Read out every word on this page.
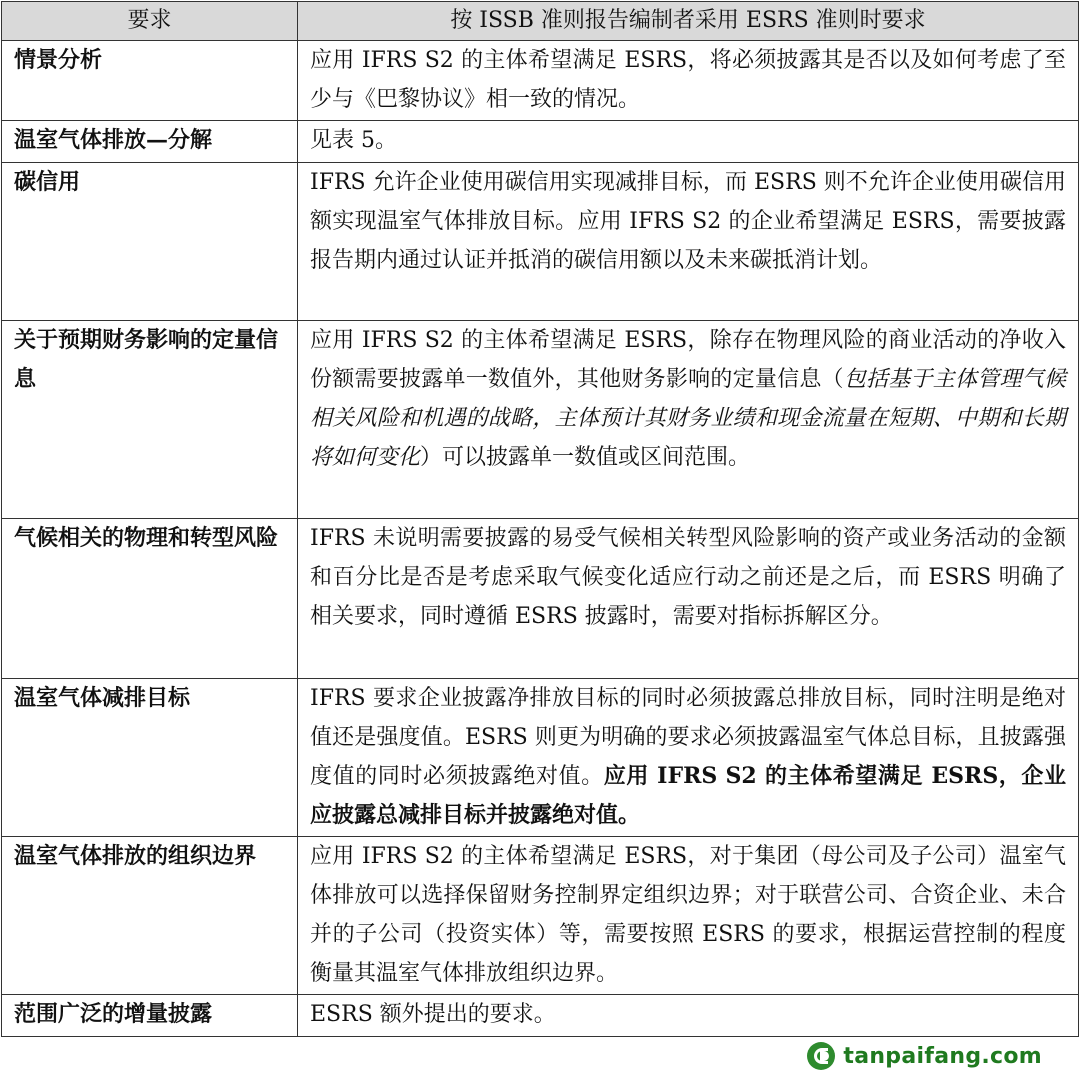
要求	按 ISSB 准则报告编制者采用 ESRS 准则时要求
情景分析	应用 IFRS S2 的主体希望满足 ESRS，将必须披露其是否以及如何考虑了至少与《巴黎协议》相一致的情况。
温室气体排放—分解	见表 5。
碳信用	IFRS 允许企业使用碳信用实现减排目标，而 ESRS 则不允许企业使用碳信用额实现温室气体排放目标。应用 IFRS S2 的企业希望满足 ESRS，需要披露报告期内通过认证并抵消的碳信用额以及未来碳抵消计划。
关于预期财务影响的定量信息	应用 IFRS S2 的主体希望满足 ESRS，除存在物理风险的商业活动的净收入份额需要披露单一数值外，其他财务影响的定量信息（包括基于主体管理气候相关风险和机遇的战略，主体预计其财务业绩和现金流量在短期、中期和长期将如何变化）可以披露单一数值或区间范围。
气候相关的物理和转型风险	IFRS 未说明需要披露的易受气候相关转型风险影响的资产或业务活动的金额和百分比是否是考虑采取气候变化适应行动之前还是之后，而 ESRS 明确了相关要求，同时遵循 ESRS 披露时，需要对指标拆解区分。
温室气体减排目标	IFRS 要求企业披露净排放目标的同时必须披露总排放目标，同时注明是绝对值还是强度值。ESRS 则更为明确的要求必须披露温室气体总目标，且披露强度值的同时必须披露绝对值。应用 IFRS S2 的主体希望满足 ESRS，企业应披露总减排目标并披露绝对值。
温室气体排放的组织边界	应用 IFRS S2 的主体希望满足 ESRS，对于集团（母公司及子公司）温室气体排放可以选择保留财务控制界定组织边界；对于联营公司、合资企业、未合并的子公司（投资实体）等，需要按照 ESRS 的要求，根据运营控制的程度衡量其温室气体排放组织边界。
范围广泛的增量披露	ESRS 额外提出的要求。
tanpaifang.com
